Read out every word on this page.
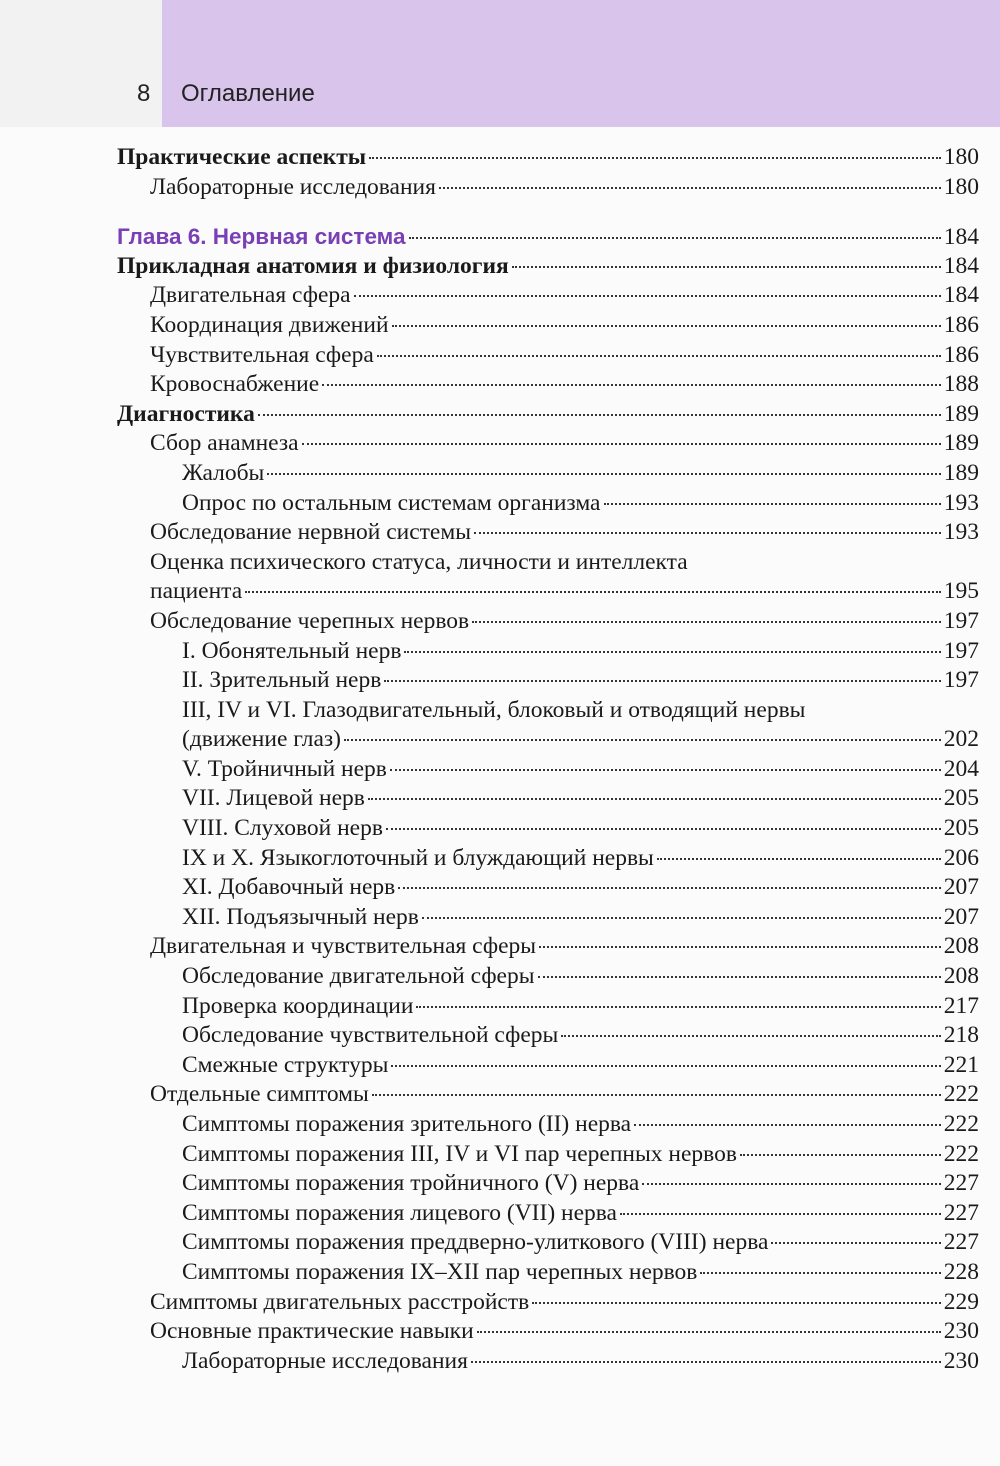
8 Оглавление
Практические аспекты	180
Лабораторные исследования	180
Глава 6. Нервная система	184
Прикладная анатомия и физиология	184
Двигательная сфера	184
Координация движений	186
Чувствительная сфера	186
Кровоснабжение	188
Диагностика	189
Сбор анамнеза	189
Жалобы	189
Опрос по остальным системам организма	193
Обследование нервной системы	193
Оценка психического статуса, личности и интеллекта
пациента	195
Обследование черепных нервов	197
I. Обонятельный нерв	197
II. Зрительный нерв	197
III, IV и VI. Глазодвигательный, блоковый и отводящий нервы
(движение глаз)	202
V. Тройничный нерв	204
VII. Лицевой нерв	205
VIII. Слуховой нерв	205
IX и X. Языкоглоточный и блуждающий нервы	206
XI. Добавочный нерв	207
XII. Подъязычный нерв	207
Двигательная и чувствительная сферы	208
Обследование двигательной сферы	208
Проверка координации	217
Обследование чувствительной сферы	218
Смежные структуры	221
Отдельные симптомы	222
Симптомы поражения зрительного (II) нерва	222
Симптомы поражения III, IV и VI пар черепных нервов	222
Симптомы поражения тройничного (V) нерва	227
Симптомы поражения лицевого (VII) нерва	227
Симптомы поражения преддверно-улиткового (VIII) нерва	227
Симптомы поражения IX–XII пар черепных нервов	228
Симптомы двигательных расстройств	229
Основные практические навыки	230
Лабораторные исследования	230
